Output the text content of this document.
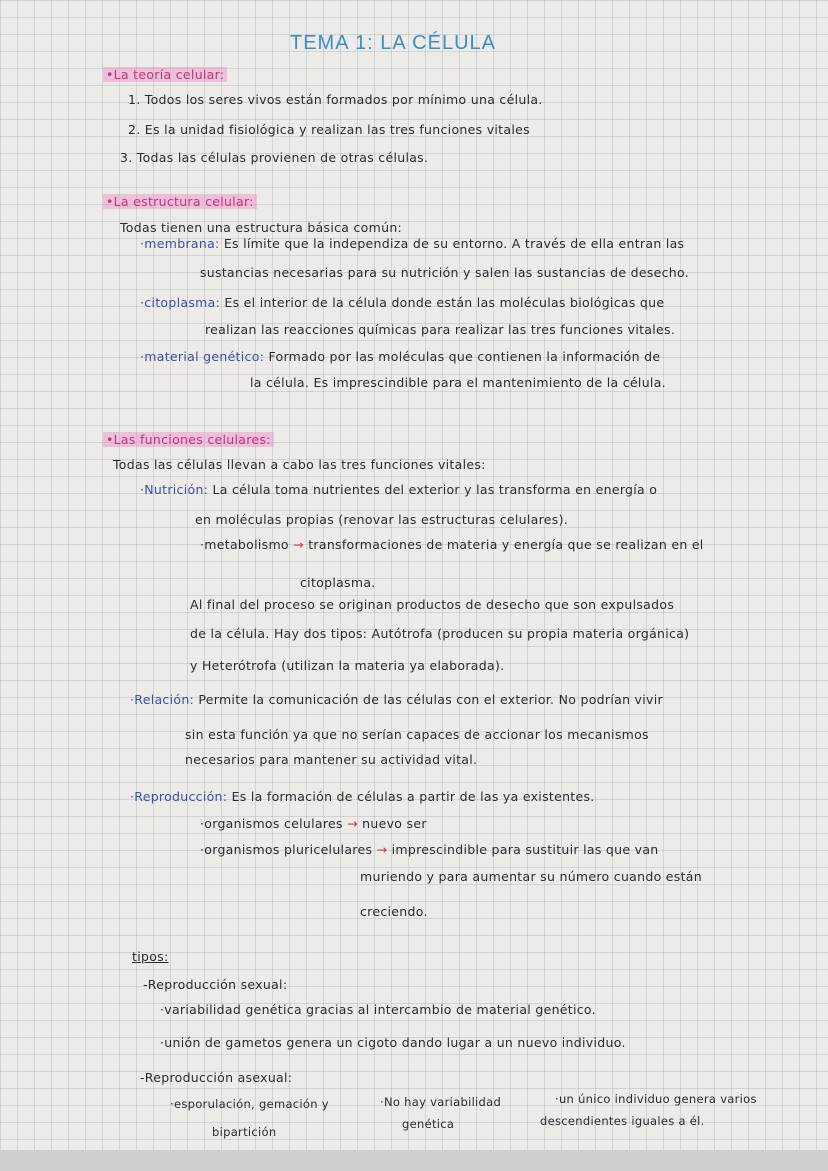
TEMA 1: LA CÉLULA
•La teoría celular:
1. Todos los seres vivos están formados por mínimo una célula.
2. Es la unidad fisiológica y realizan las tres funciones vitales
3. Todas las células provienen de otras células.
•La estructura celular:
Todas tienen una estructura básica común:
·membrana: Es límite que la independiza de su entorno. A través de ella entran las
sustancias necesarias para su nutrición y salen las sustancias de desecho.
·citoplasma: Es el interior de la célula donde están las moléculas biológicas que
realizan las reacciones químicas para realizar las tres funciones vitales.
·material genético: Formado por las moléculas que contienen la información de
la célula. Es imprescindible para el mantenimiento de la célula.
•Las funciones celulares:
Todas las células llevan a cabo las tres funciones vitales:
·Nutrición: La célula toma nutrientes del exterior y las transforma en energía o
en moléculas propias (renovar las estructuras celulares).
·metabolismo → transformaciones de materia y energía que se realizan en el
citoplasma.
Al final del proceso se originan productos de desecho que son expulsados
de la célula. Hay dos tipos: Autótrofa (producen su propia materia orgánica)
y Heterótrofa (utilizan la materia ya elaborada).
·Relación: Permite la comunicación de las células con el exterior. No podrían vivir
sin esta función ya que no serían capaces de accionar los mecanismos
necesarios para mantener su actividad vital.
·Reproducción: Es la formación de células a partir de las ya existentes.
·organismos celulares → nuevo ser
·organismos pluricelulares → imprescindible para sustituir las que van
muriendo y para aumentar su número cuando están
creciendo.
tipos:
-Reproducción sexual:
·variabilidad genética gracias al intercambio de material genético.
·unión de gametos genera un cigoto dando lugar a un nuevo individuo.
-Reproducción asexual:
·esporulación, gemación y
bipartición
·No hay variabilidad
genética
·un único individuo genera varios
descendientes iguales a él.
